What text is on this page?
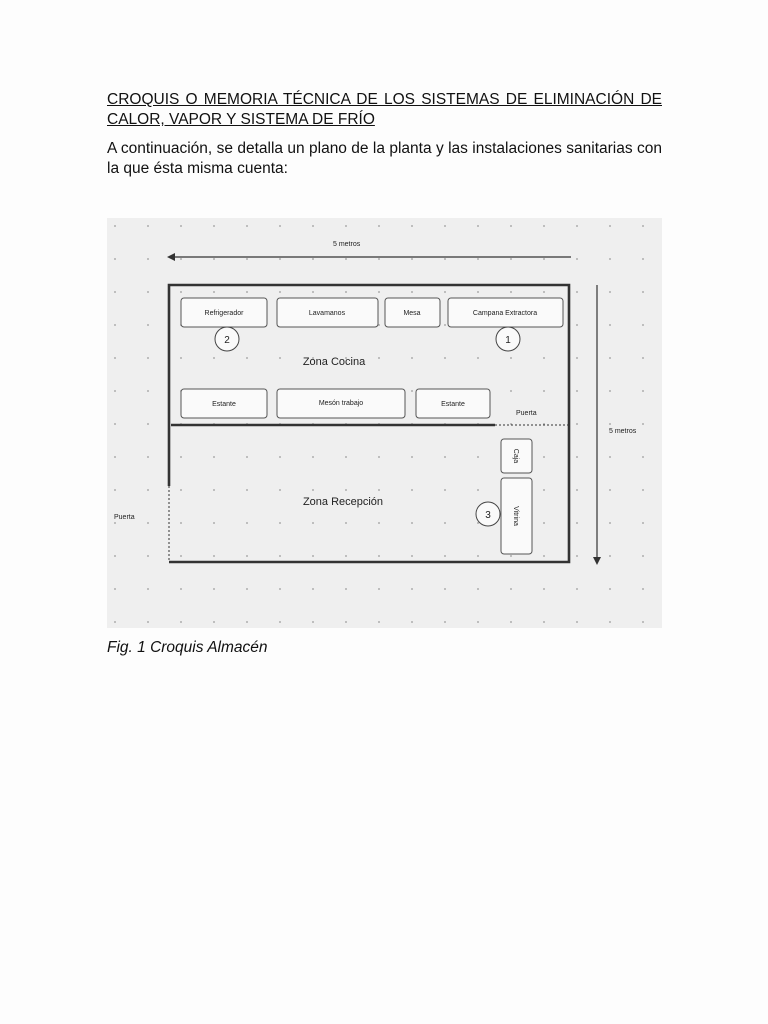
CROQUIS O MEMORIA TÉCNICA DE LOS SISTEMAS DE ELIMINACIÓN DE
CALOR, VAPOR Y SISTEMA DE FRÍO

A continuación, se detalla un plano de la planta y las instalaciones sanitarias con
la que ésta misma cuenta:

5 metros
5 metros
Puerta
Puerta
Refrigerador	Lavamanos	Mesa	Campana Extractora
2	1
Zona Cocina
Estante	Mesón trabajo	Estante
Caja
Vitrina
3
Zona Recepción

Fig. 1 Croquis Almacén
